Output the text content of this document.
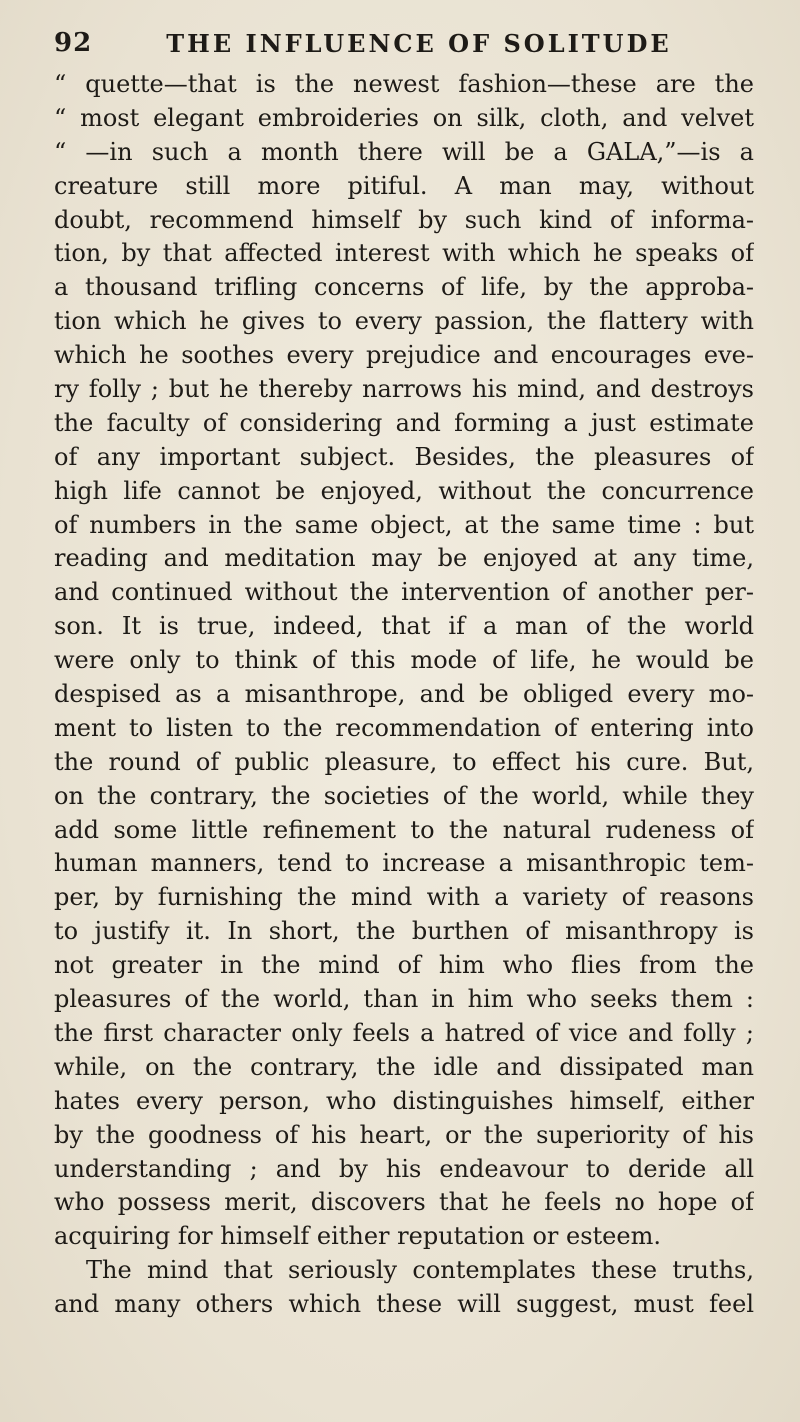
92	THE INFLUENCE OF SOLITUDE
“ quette—that is the newest fashion—these are the
“ most elegant embroideries on silk, cloth, and velvet
“ —in such a month there will be a GALA,”—is a
creature still more pitiful. A man may, without
doubt, recommend himself by such kind of informa-
tion, by that affected interest with which he speaks of
a thousand trifling concerns of life, by the approba-
tion which he gives to every passion, the flattery with
which he soothes every prejudice and encourages eve-
ry folly ; but he thereby narrows his mind, and destroys
the faculty of considering and forming a just estimate
of any important subject. Besides, the pleasures of
high life cannot be enjoyed, without the concurrence
of numbers in the same object, at the same time : but
reading and meditation may be enjoyed at any time,
and continued without the intervention of another per-
son. It is true, indeed, that if a man of the world
were only to think of this mode of life, he would be
despised as a misanthrope, and be obliged every mo-
ment to listen to the recommendation of entering into
the round of public pleasure, to effect his cure. But,
on the contrary, the societies of the world, while they
add some little refinement to the natural rudeness of
human manners, tend to increase a misanthropic tem-
per, by furnishing the mind with a variety of reasons
to justify it. In short, the burthen of misanthropy is
not greater in the mind of him who flies from the
pleasures of the world, than in him who seeks them :
the first character only feels a hatred of vice and folly ;
while, on the contrary, the idle and dissipated man
hates every person, who distinguishes himself, either
by the goodness of his heart, or the superiority of his
understanding ; and by his endeavour to deride all
who possess merit, discovers that he feels no hope of
acquiring for himself either reputation or esteem.
The mind that seriously contemplates these truths,
and many others which these will suggest, must feel
